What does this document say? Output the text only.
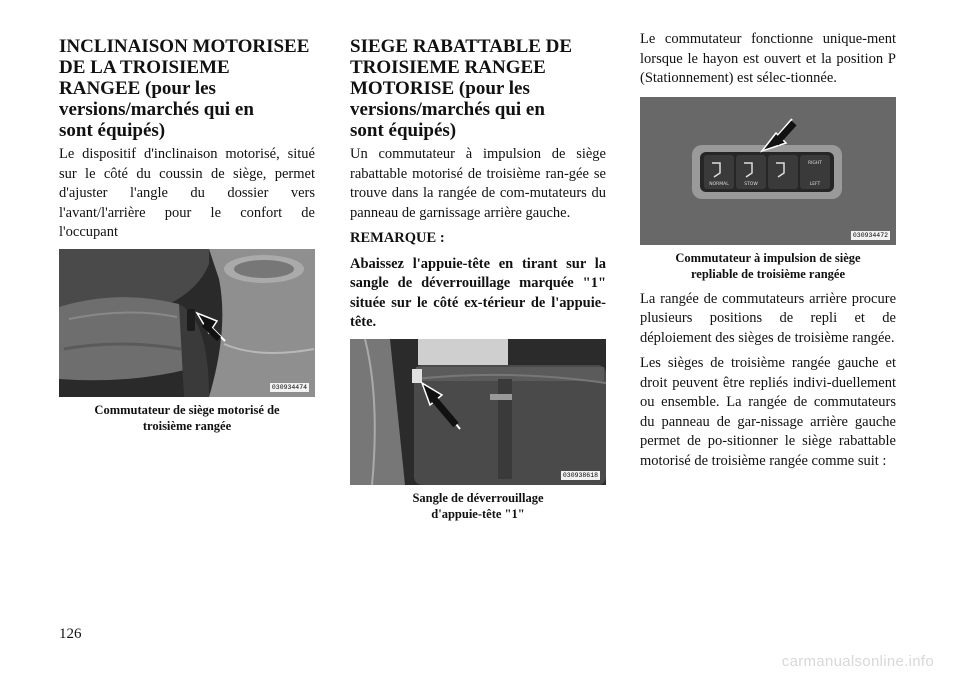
INCLINAISON MOTORISEE
DE LA TROISIEME
RANGEE (pour les
versions/marchés qui en
sont équipés)

Le dispositif d'inclinaison motorisé, situé sur le côté du coussin de siège, permet d'ajuster l'angle du dossier vers l'avant/l'arrière pour le confort de l'occupant

030934474
Commutateur de siège motorisé de
troisième rangée
SIEGE RABATTABLE DE
TROISIEME RANGEE
MOTORISE (pour les
versions/marchés qui en
sont équipés)

Un commutateur à impulsion de siège rabattable motorisé de troisième ran-gée se trouve dans la rangée de com-mutateurs du panneau de garnissage arrière gauche.

REMARQUE :

Abaissez l'appuie-tête en tirant sur la sangle de déverrouillage marquée "1" située sur le côté ex-térieur de l'appuie-tête.

030938618
Sangle de déverrouillage
d'appuie-tête "1"

Le commutateur fonctionne unique-ment lorsque le hayon est ouvert et la position P (Stationnement) est sélec-tionnée.

NORMAL	STOW
RIGHT
LEFT
030934472
Commutateur à impulsion de siège
repliable de troisième rangée

La rangée de commutateurs arrière procure plusieurs positions de repli et de déploiement des sièges de troisième rangée.

Les sièges de troisième rangée gauche et droit peuvent être repliés indivi-duellement ou ensemble. La rangée de commutateurs du panneau de gar-nissage arrière gauche permet de po-sitionner le siège rabattable motorisé de troisième rangée comme suit :

126
carmanualsonline.info
